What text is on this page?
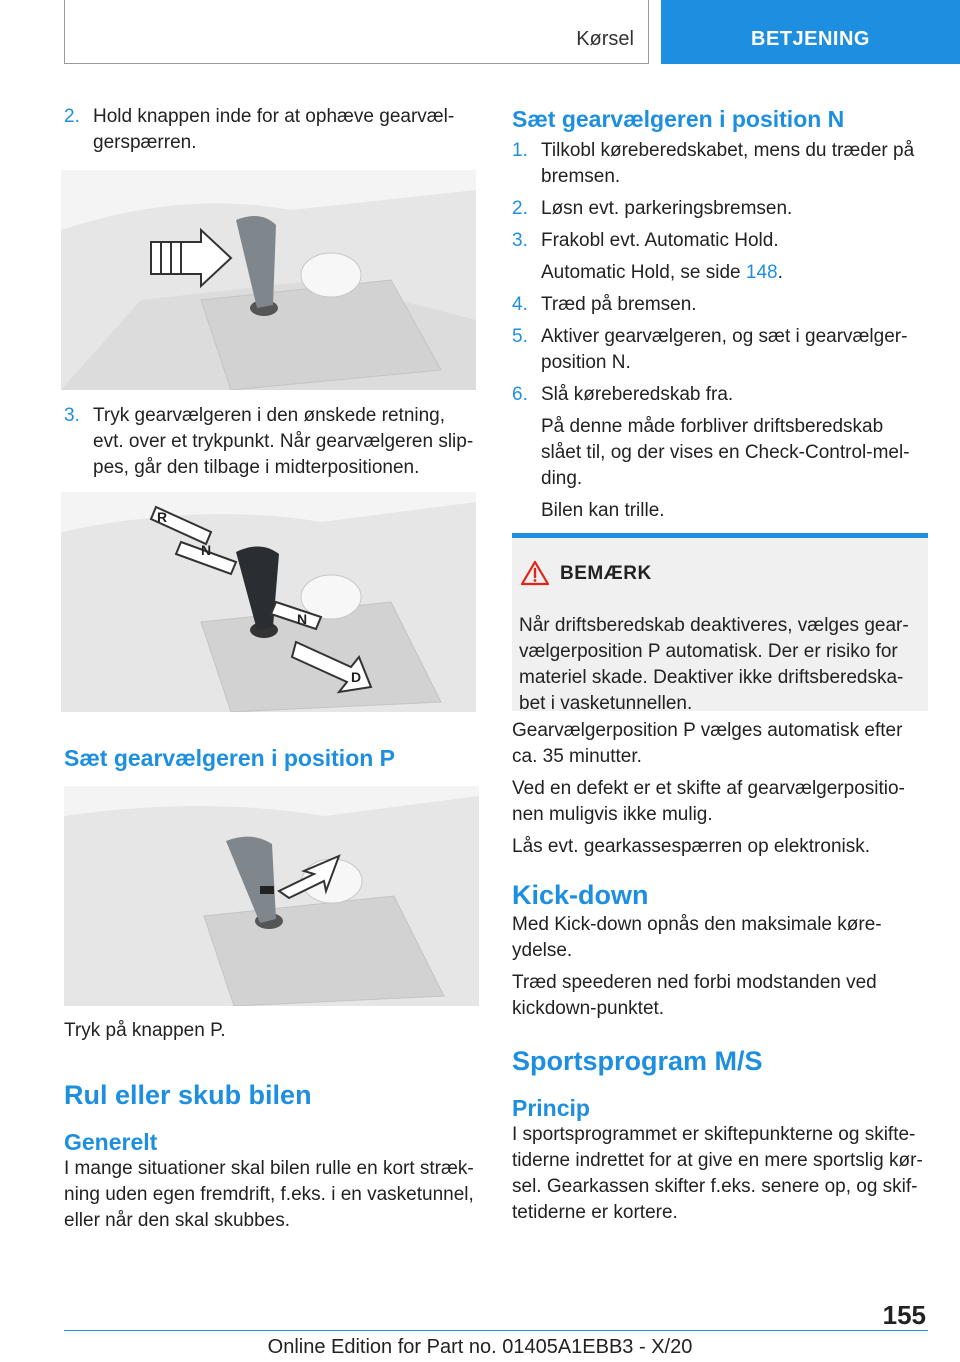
Kørsel	BETJENING

2. Hold knappen inde for at ophæve gearvæl-gerspærren.

3. Tryk gearvælgeren i den ønskede retning, evt. over et trykpunkt. Når gearvælgeren slip-pes, går den tilbage i midterpositionen.

R
N
N
D

Sæt gearvælgeren i position P

Tryk på knappen P.

Rul eller skub bilen

Generelt

I mange situationer skal bilen rulle en kort stræk-ning uden egen fremdrift, f.eks. i en vasketunnel, eller når den skal skubbes.

Sæt gearvælgeren i position N

1. Tilkobl køreberedskabet, mens du træder på bremsen.

2. Løsn evt. parkeringsbremsen.

3. Frakobl evt. Automatic Hold.

Automatic Hold, se side 148.

4. Træd på bremsen.

5. Aktiver gearvælgeren, og sæt i gearvælger-position N.

6. Slå køreberedskab fra.

På denne måde forbliver driftsberedskab slået til, og der vises en Check-Control-mel-ding.

Bilen kan trille.

BEMÆRK

Når driftsberedskab deaktiveres, vælges gear-vælgerposition P automatisk. Der er risiko for materiel skade. Deaktiver ikke driftsberedska-bet i vasketunnellen.

Gearvælgerposition P vælges automatisk efter ca. 35 minutter.

Ved en defekt er et skifte af gearvælgerpositio-nen muligvis ikke mulig.

Lås evt. gearkassespærren op elektronisk.

Kick-down

Med Kick-down opnås den maksimale køre-ydelse.

Træd speederen ned forbi modstanden ved kickdown-punktet.

Sportsprogram M/S

Princip

I sportsprogrammet er skiftepunkterne og skifte-tiderne indrettet for at give en mere sportslig kør-sel. Gearkassen skifter f.eks. senere op, og skif-tetiderne er kortere.

155
Online Edition for Part no. 01405A1EBB3 - X/20
